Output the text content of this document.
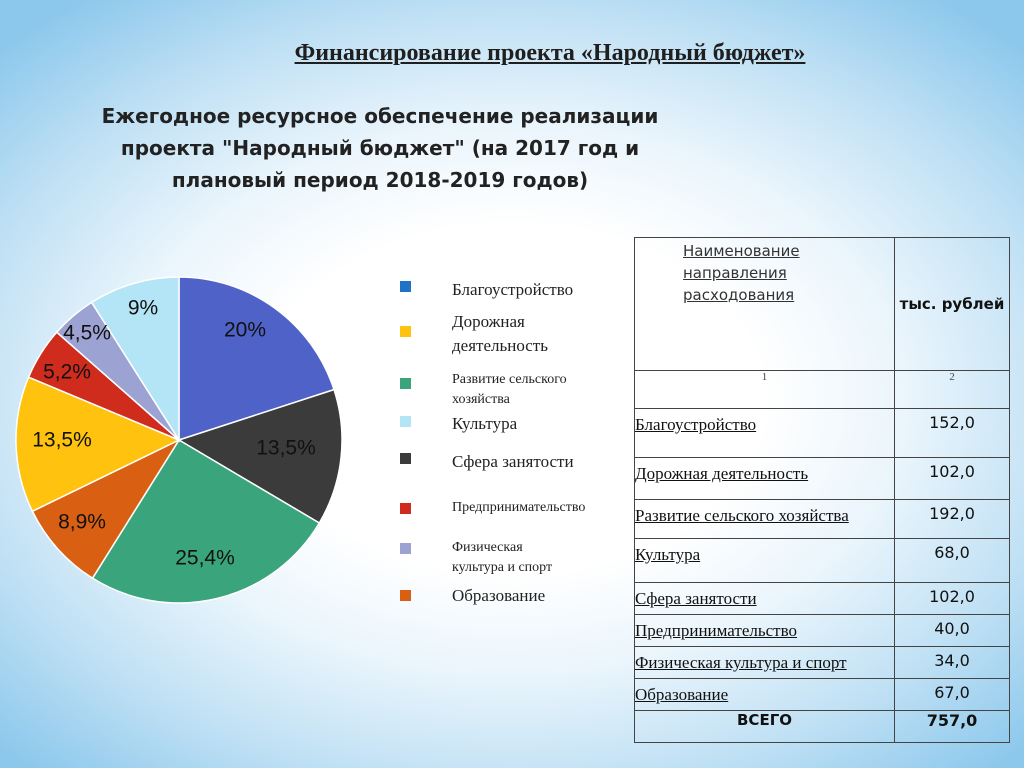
Финансирование проекта «Народный бюджет»
Ежегодное ресурсное обеспечение реализации
проекта "Народный бюджет" (на 2017 год и
плановый период 2018-2019 годов)
20%
13,5%
25,4%
8,9%
13,5%
5,2%
4,5%
9%
Благоустройство
Дорожная
деятельность
Развитие сельского
хозяйства
Культура
Сфера занятости
Предпринимательство
Физическая
культура и спорт
Образование
Наименование
направления
расходования	тыс. рублей
1	2
Благоустройство	152,0
Дорожная деятельность	102,0
Развитие сельского хозяйства	192,0
Культура	68,0
Сфера занятости	102,0
Предпринимательство	40,0
Физическая культура и спорт	34,0
Образование	67,0
ВСЕГО	757,0
